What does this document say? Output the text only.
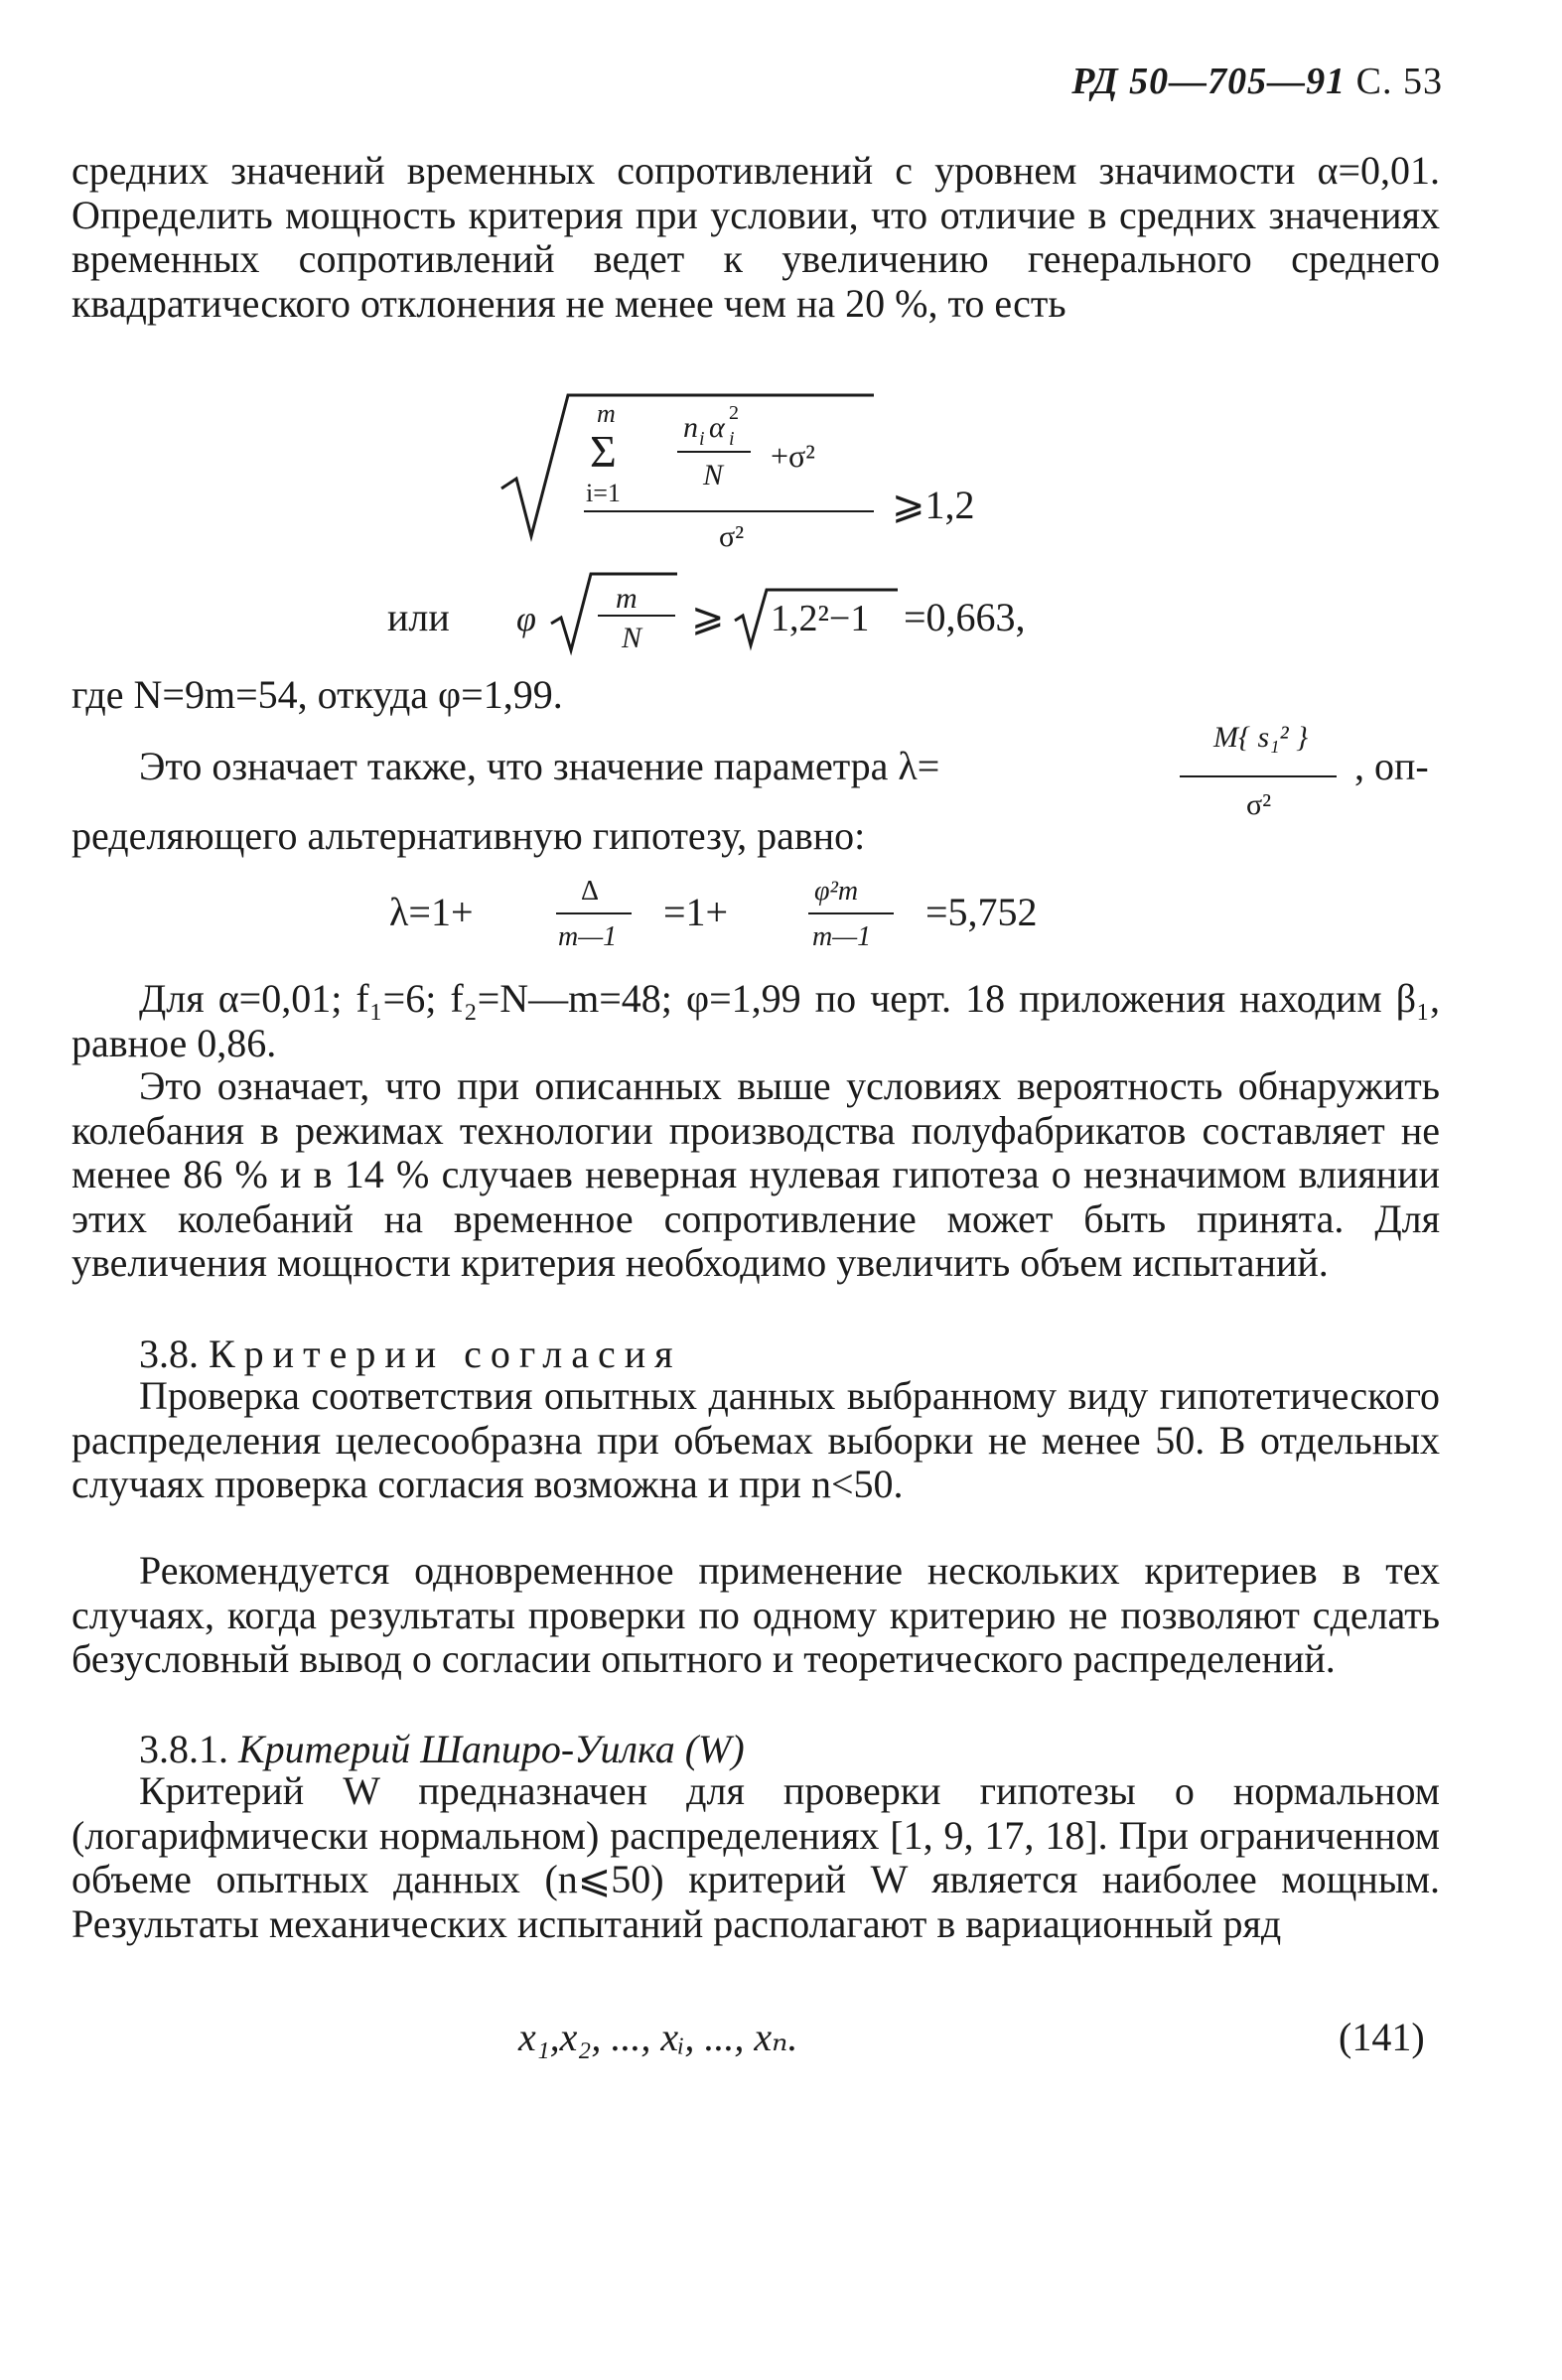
РД 50—705—91 С. 53
средних значений временных сопротивлений с уровнем значимости α=0,01. Определить мощность критерия при условии, что отличие в средних значениях временных сопротивлений ведет к увеличению генерального среднего квадратического отклонения не менее чем на 20 %, то есть
m
Σ
i=1
n i α 2
i
N
+σ²
σ²
⩾1,2
или φ
m
N ⩾ 1,2²−1 =0,663,
где N=9m=54, откуда φ=1,99.
Это означает также, что значение параметра λ=
M{ s₁² }
σ²
, оп-
ределяющего альтернативную гипотезу, равно:
λ=1+	Δ
m—1
=1+	φ²m
m—1
=5,752
Для α=0,01; f₁=6; f₂=N—m=48; φ=1,99 по черт. 18 приложения находим β₁, равное 0,86.
Это означает, что при описанных выше условиях вероятность обнаружить колебания в режимах технологии производства полуфабрикатов составляет не менее 86 % и в 14 % случаев неверная нулевая гипотеза о незначимом влиянии этих колебаний на временное сопротивление может быть принята. Для увеличения мощности критерия необходимо увеличить объем испытаний.
3.8. Критерии согласия
Проверка соответствия опытных данных выбранному виду гипотетического распределения целесообразна при объемах выборки не менее 50. В отдельных случаях проверка согласия возможна и при n<50.
Рекомендуется одновременное применение нескольких критериев в тех случаях, когда результаты проверки по одному критерию не позволяют сделать безусловный вывод о согласии опытного и теоретического распределений.
3.8.1. Критерий Шапиро-Уилка (W)
Критерий W предназначен для проверки гипотезы о нормальном (логарифмически нормальном) распределениях [1, 9, 17, 18]. При ограниченном объеме опытных данных (n⩽50) критерий W является наиболее мощным. Результаты механических испытаний располагают в вариационный ряд
x₁,x₂, ..., xᵢ, ..., xₙ.	(141)
